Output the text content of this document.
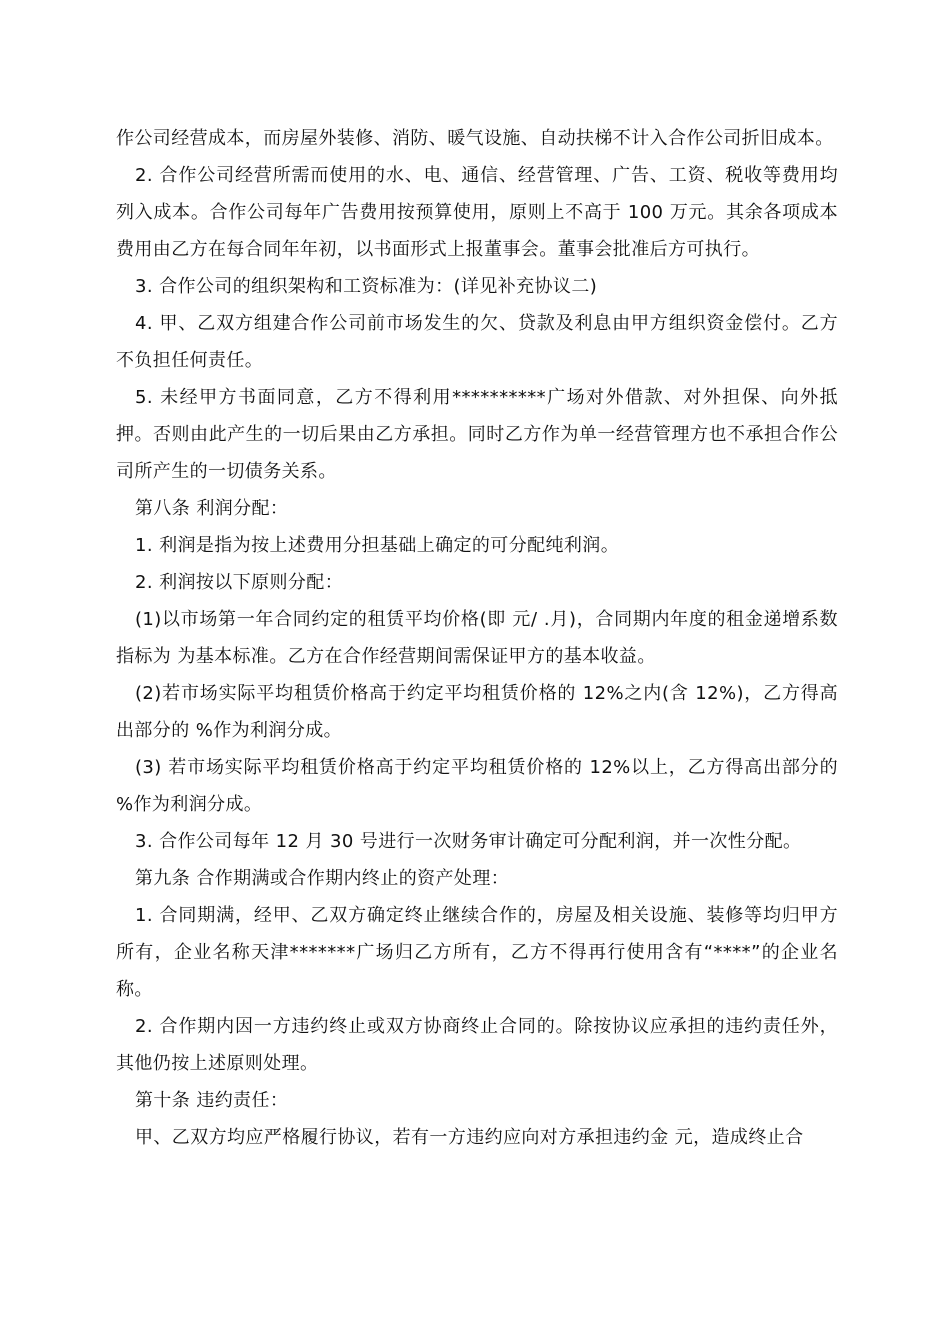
作公司经营成本，而房屋外装修、消防、暖气设施、自动扶梯不计入合作公司折旧成本。

2. 合作公司经营所需而使用的水、电、通信、经营管理、广告、工资、税收等费用均列入成本。合作公司每年广告费用按预算使用，原则上不高于 100 万元。其余各项成本费用由乙方在每合同年年初，以书面形式上报董事会。董事会批准后方可执行。

3. 合作公司的组织架构和工资标准为：(详见补充协议二)

4. 甲、乙双方组建合作公司前市场发生的欠、贷款及利息由甲方组织资金偿付。乙方不负担任何责任。

5. 未经甲方书面同意，乙方不得利用**********广场对外借款、对外担保、向外抵押。否则由此产生的一切后果由乙方承担。同时乙方作为单一经营管理方也不承担合作公司所产生的一切债务关系。

第八条 利润分配：

1. 利润是指为按上述费用分担基础上确定的可分配纯利润。

2. 利润按以下原则分配：

(1)以市场第一年合同约定的租赁平均价格(即 元/ .月)，合同期内年度的租金递增系数指标为 为基本标准。乙方在合作经营期间需保证甲方的基本收益。

(2)若市场实际平均租赁价格高于约定平均租赁价格的 12%之内(含 12%)，乙方得高出部分的 %作为利润分成。

(3) 若市场实际平均租赁价格高于约定平均租赁价格的 12%以上，乙方得高出部分的 %作为利润分成。

3. 合作公司每年 12 月 30 号进行一次财务审计确定可分配利润，并一次性分配。

第九条 合作期满或合作期内终止的资产处理：

1. 合同期满，经甲、乙双方确定终止继续合作的，房屋及相关设施、装修等均归甲方所有，企业名称天津*******广场归乙方所有，乙方不得再行使用含有“****”的企业名称。

2. 合作期内因一方违约终止或双方协商终止合同的。除按协议应承担的违约责任外，其他仍按上述原则处理。

第十条 违约责任：

甲、乙双方均应严格履行协议，若有一方违约应向对方承担违约金 元，造成终止合
